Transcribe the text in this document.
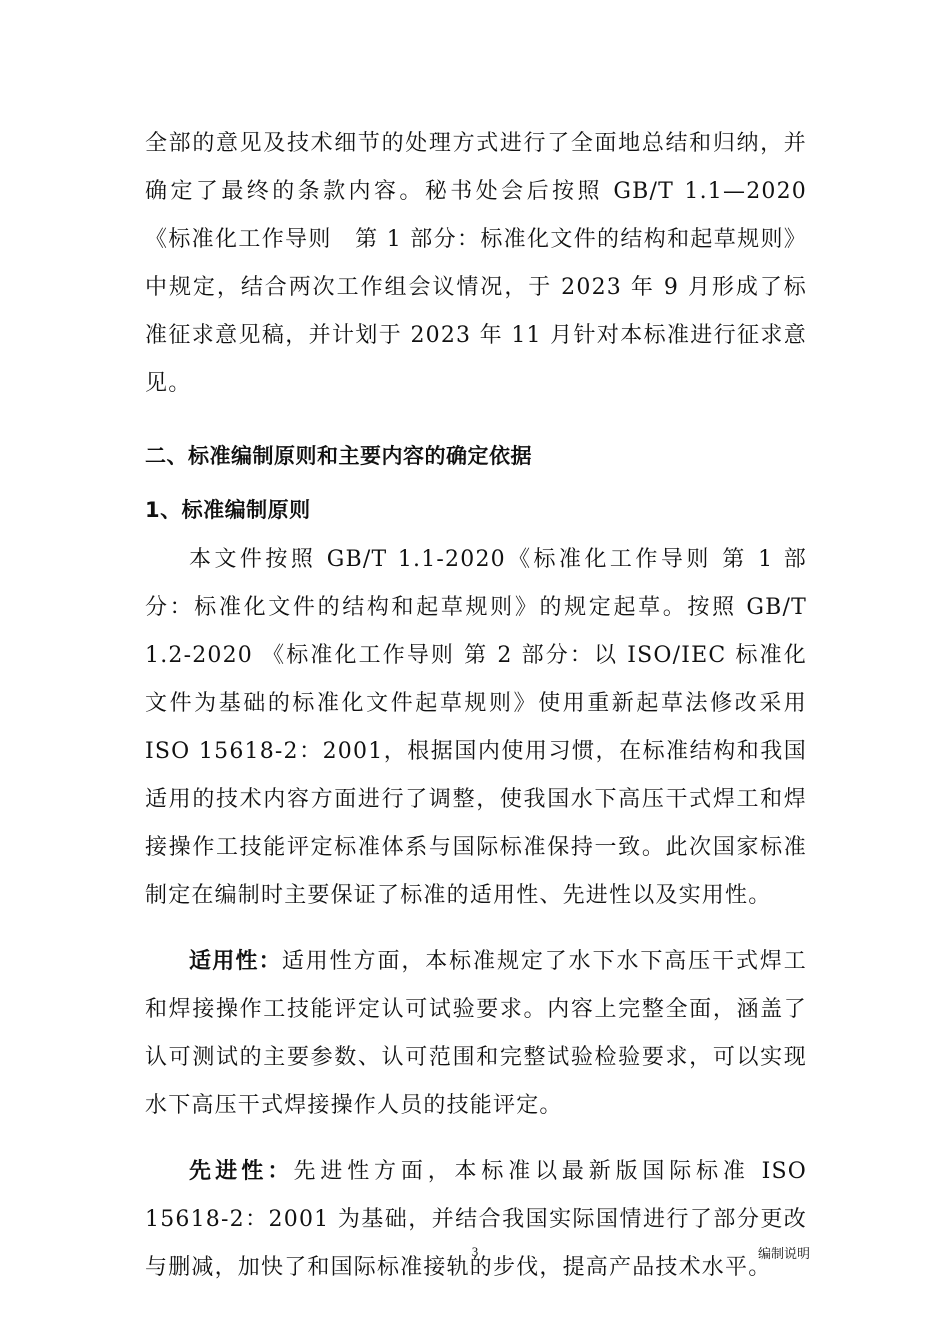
全部的意见及技术细节的处理方式进行了全面地总结和归纳，并确定了最终的条款内容。秘书处会后按照 GB/T 1.1—2020《标准化工作导则　第 1 部分：标准化文件的结构和起草规则》中规定，结合两次工作组会议情况，于 2023 年 9 月形成了标准征求意见稿，并计划于 2023 年 11 月针对本标准进行征求意见。

二、标准编制原则和主要内容的确定依据
1、标准编制原则

本文件按照 GB/T 1.1-2020《标准化工作导则 第 1 部分：标准化文件的结构和起草规则》的规定起草。按照 GB/T 1.2-2020 《标准化工作导则 第 2 部分：以 ISO/IEC 标准化文件为基础的标准化文件起草规则》使用重新起草法修改采用 ISO 15618-2：2001，根据国内使用习惯，在标准结构和我国适用的技术内容方面进行了调整，使我国水下高压干式焊工和焊接操作工技能评定标准体系与国际标准保持一致。此次国家标准制定在编制时主要保证了标准的适用性、先进性以及实用性。

适用性：适用性方面，本标准规定了水下水下高压干式焊工和焊接操作工技能评定认可试验要求。内容上完整全面，涵盖了认可测试的主要参数、认可范围和完整试验检验要求，可以实现水下高压干式焊接操作人员的技能评定。

先进性：先进性方面，本标准以最新版国际标准 ISO 15618-2：2001 为基础，并结合我国实际国情进行了部分更改与删减，加快了和国际标准接轨的步伐，提高产品技术水平。

3	编制说明
